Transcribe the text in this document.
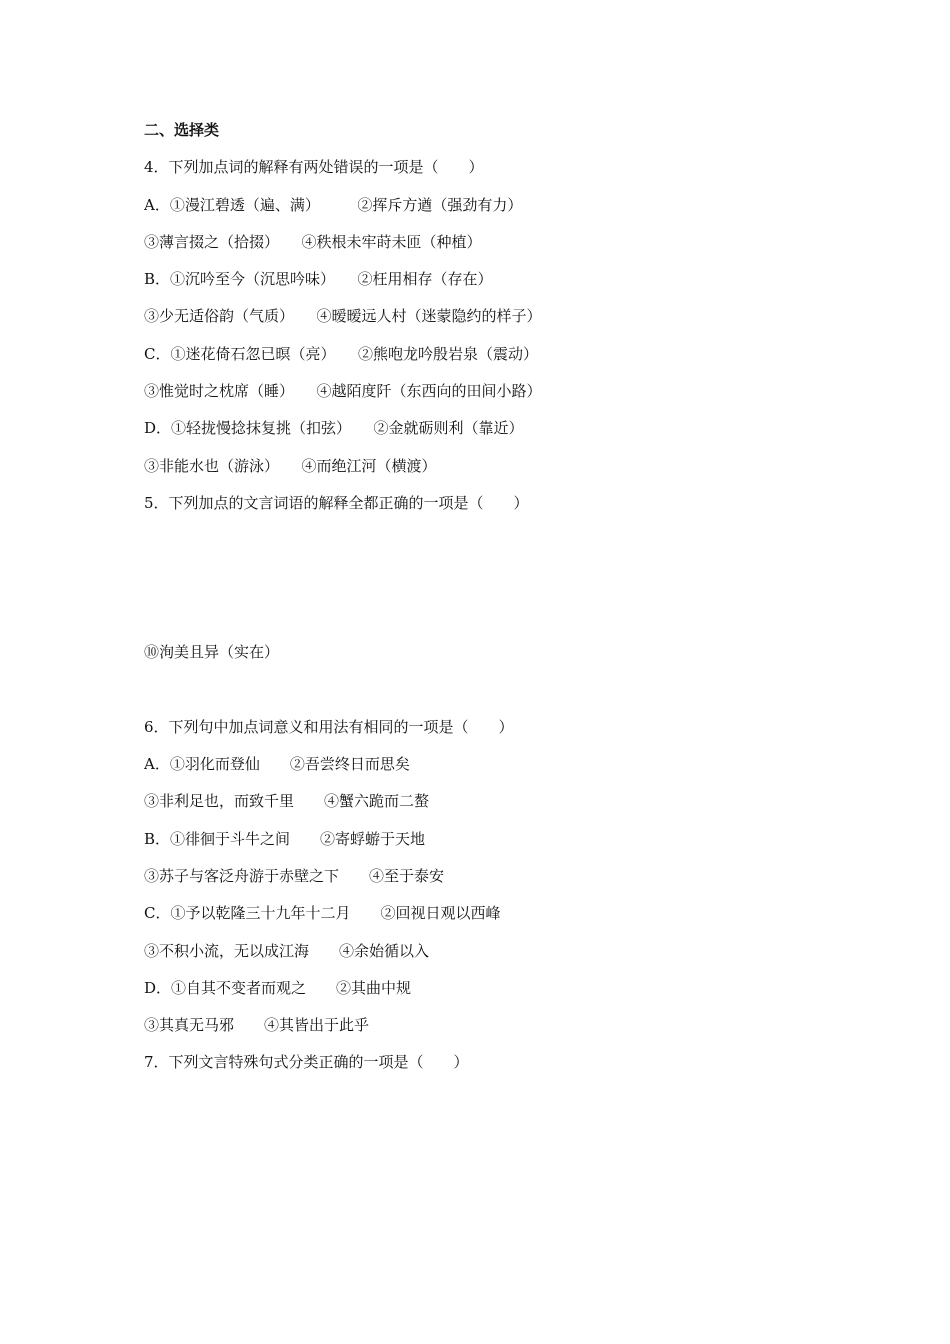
二、选择类
4．下列加点词的解释有两处错误的一项是（　　）
A．①漫江碧透（遍、满）　　　②挥斥方遒（强劲有力）
③薄言掇之（拾掇）　　④秩根未牢莳未匝（种植）
B．①沉吟至今（沉思吟味）　　②枉用相存（存在）
③少无适俗韵（气质）　　④暧暧远人村（迷蒙隐约的样子）
C．①迷花倚石忽已暝（亮）　　②熊咆龙吟殷岩泉（震动）
③惟觉时之枕席（睡）　　④越陌度阡（东西向的田间小路）
D．①轻拢慢捻抹复挑（扣弦）　　②金就砺则利（靠近）
③非能水也（游泳）　　④而绝江河（横渡）
5．下列加点的文言词语的解释全都正确的一项是（　　）

⑩洵美且异（实在）

6．下列句中加点词意义和用法有相同的一项是（　　）
A．①羽化而登仙　　②吾尝终日而思矣
③非利足也，而致千里　　④蟹六跪而二螯
B．①徘徊于斗牛之间　　②寄蜉蝣于天地
③苏子与客泛舟游于赤壁之下　　④至于泰安
C．①予以乾隆三十九年十二月　　②回视日观以西峰
③不积小流，无以成江海　　④余始循以入
D．①自其不变者而观之　　②其曲中规
③其真无马邪　　④其皆出于此乎
7．下列文言特殊句式分类正确的一项是（　　）
